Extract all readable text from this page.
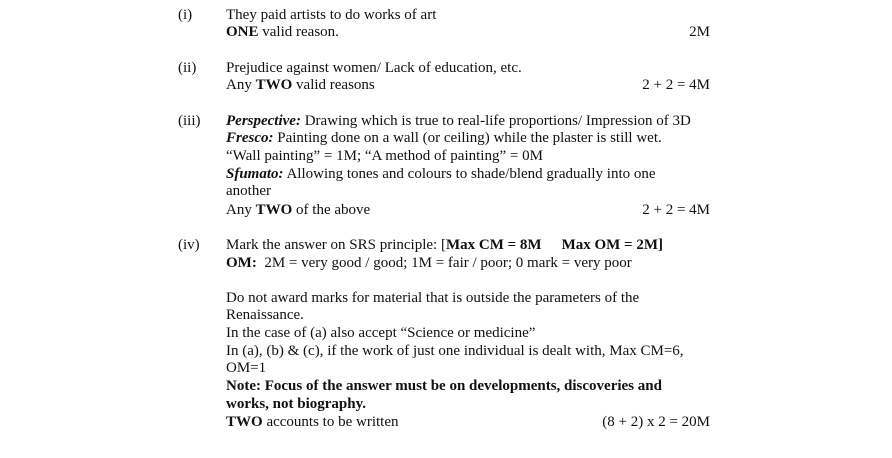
(i) They paid artists to do works of art
ONE valid reason.	2M
(ii) Prejudice against women/ Lack of education, etc.
Any TWO valid reasons	2 + 2 = 4M
(iii) Perspective: Drawing which is true to real-life proportions/ Impression of 3D
Fresco: Painting done on a wall (or ceiling) while the plaster is still wet.
“Wall painting” = 1M; “A method of painting” = 0M
Sfumato: Allowing tones and colours to shade/blend gradually into one
another
Any TWO of the above	2 + 2 = 4M
(iv) Mark the answer on SRS principle: [Max CM = 8M Max OM = 2M]
OM:  2M = very good / good; 1M = fair / poor; 0 mark = very poor
Do not award marks for material that is outside the parameters of the
Renaissance.
In the case of (a) also accept “Science or medicine”
In (a), (b) & (c), if the work of just one individual is dealt with, Max CM=6,
OM=1
Note: Focus of the answer must be on developments, discoveries and
works, not biography.
TWO accounts to be written	(8 + 2) x 2 = 20M
